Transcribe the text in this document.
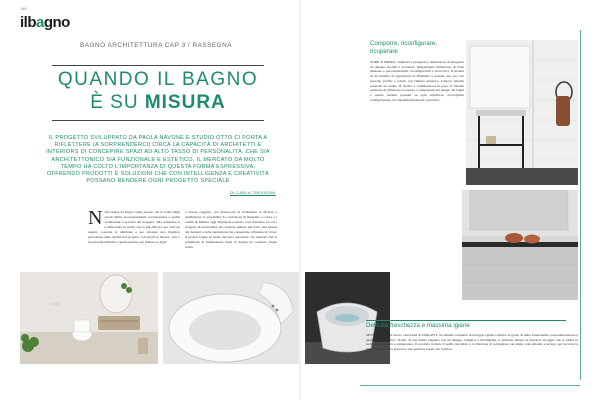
146
ilbagno
BAGNO ARCHITETTURA CAP 3 / RASSEGNA
QUANDO IL BAGNO
È SU MISURA
IL PROGETTO SVILUPPATO DA PAOLA NAVONE E STUDIO OTTO CI PORTA A RIFLETTERE (A SORPRENDERCI) CIRCA LA CAPACITÀ DI ARCHITETTI E INTERIORS DI CONCEPIRE SPAZI AD ALTO TASSO DI PERSONALITÀ. CHE SIA ARCHITETTONICO SIA FUNZIONALE E ESTETICO, IL MERCATO DA MOLTO TEMPO HA COLTO L'IMPORTANZA DI QUESTA FORMA ESPRESSIVA, OFFRENDO PRODOTTI E SOLUZIONI CHE CON INTELLIGENZA E CREATIVITÀ POSSANO RENDERE OGNI PROGETTO SPECIALE
DI CARLA TREVISANI
Nella stanza da bagno capita spesso che la scelta degli arredi debba necessariamente corrispondere a quella architettonica prevista dal progetto. Tale soluzione si è dimostrata in molti casi la più efficace per dare un aspetto coerente al ambiente e per ottenere una migliore percezione della qualità del progetto. Gli arredi su misura, oltre a trovarsi modulabili, e quella pensata per misura, la sigla
a questa soggetto, poi manovrare di richiamare le diverse e moltiplicare le possibilità. Le variazioni di materiale e colore e i cambi di finitura oggi impiegate possono così diventare un vero progetto di personalità, un carattere sempre più forte, una sintesi dei desideri e delle aspirazioni che consentono all'utente di vivere il proprio bagno in modo del tutto personale. Un risultato che la semplicità di installazione unita al design ne consente ampia scelta.
Comporre, riconfigurare,
ricuperare
TUBE di MIRRO, ambienti e progettati e dimensioni di disegnare un disegno moduli e accessori, indipendenti dall'interno di bolle allineate e personalizzabili, riconfigurabili e decorativi. Il mobile di un sistema di apparizioni in alluminio e pensato per uso con specchi, profilo e toletta con finitura materica. L'intero sistema possiede un anello di lavabo e combinazioni in tono; il sistema permette di affiancare accessori e componenti dal design dei bagni a questo rendere presenti su ogni superficie, un'originale configurazione di comodità funzionale e praticità.
Delicata freschezza e massima igiene
SENSOWASH è il nuovo vaso-bidet di DURAVIT, un sistema completo di lavaggio igienico intimo in grado di unire funzionalità, personalizzazione e gestione del comfort. Dotato di una forma elegante con un disegno semplice e intelligente, il sanitario integra la funzione lavaggio che si adatta in termini di intensità e temperatura. Il prodotto include il sedile riscaldato e la funzione di asciugatura, un ampio telecomando e un'app, per favorire la massima cura della persona e una gestione ideale del comfort.
